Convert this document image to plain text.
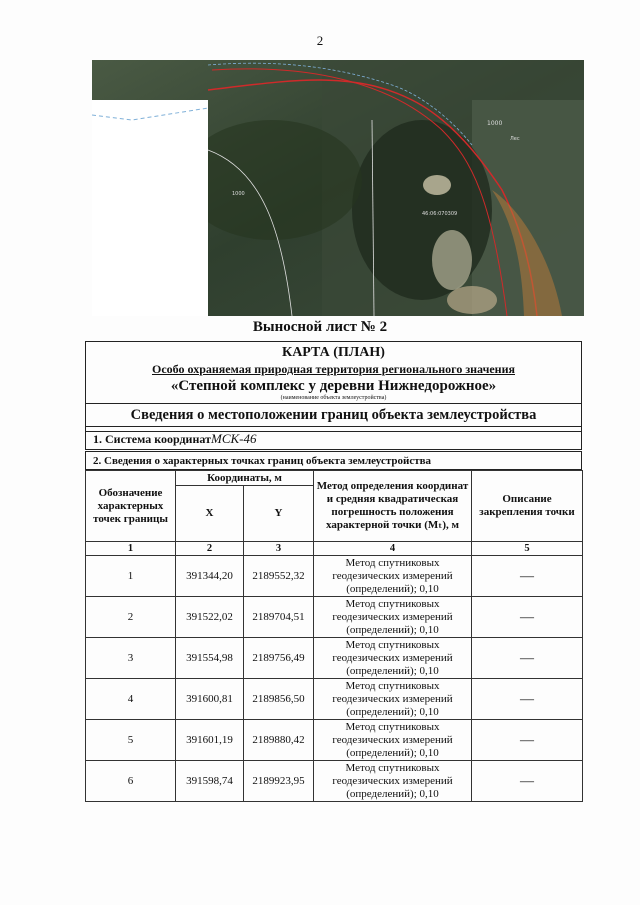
2
1000
46:06:070309
1000
Лес
Выносной лист № 2
КАРТА (ПЛАН)
Особо охраняемая природная территория регионального значения
«Степной комплекс у деревни Нижнедорожное»
(наименование объекта землеустройства)
Сведения о местоположении границ объекта землеустройства
1. Система координатМСК-46
2. Сведения о характерных точках границ объекта землеустройства
Обозначение характерных точек границы	Координаты, м		Метод определения координат и средняя квадратическая погрешность положения характерной точки (Mₜ), м	Описание закрепления точки
	X	Y		
1	2	3	4	5
1	391344,20	2189552,32	Метод спутниковых геодезических измерений (определений); 0,10	—
2	391522,02	2189704,51	Метод спутниковых геодезических измерений (определений); 0,10	—
3	391554,98	2189756,49	Метод спутниковых геодезических измерений (определений); 0,10	—
4	391600,81	2189856,50	Метод спутниковых геодезических измерений (определений); 0,10	—
5	391601,19	2189880,42	Метод спутниковых геодезических измерений (определений); 0,10	—
6	391598,74	2189923,95	Метод спутниковых геодезических измерений (определений); 0,10	—
